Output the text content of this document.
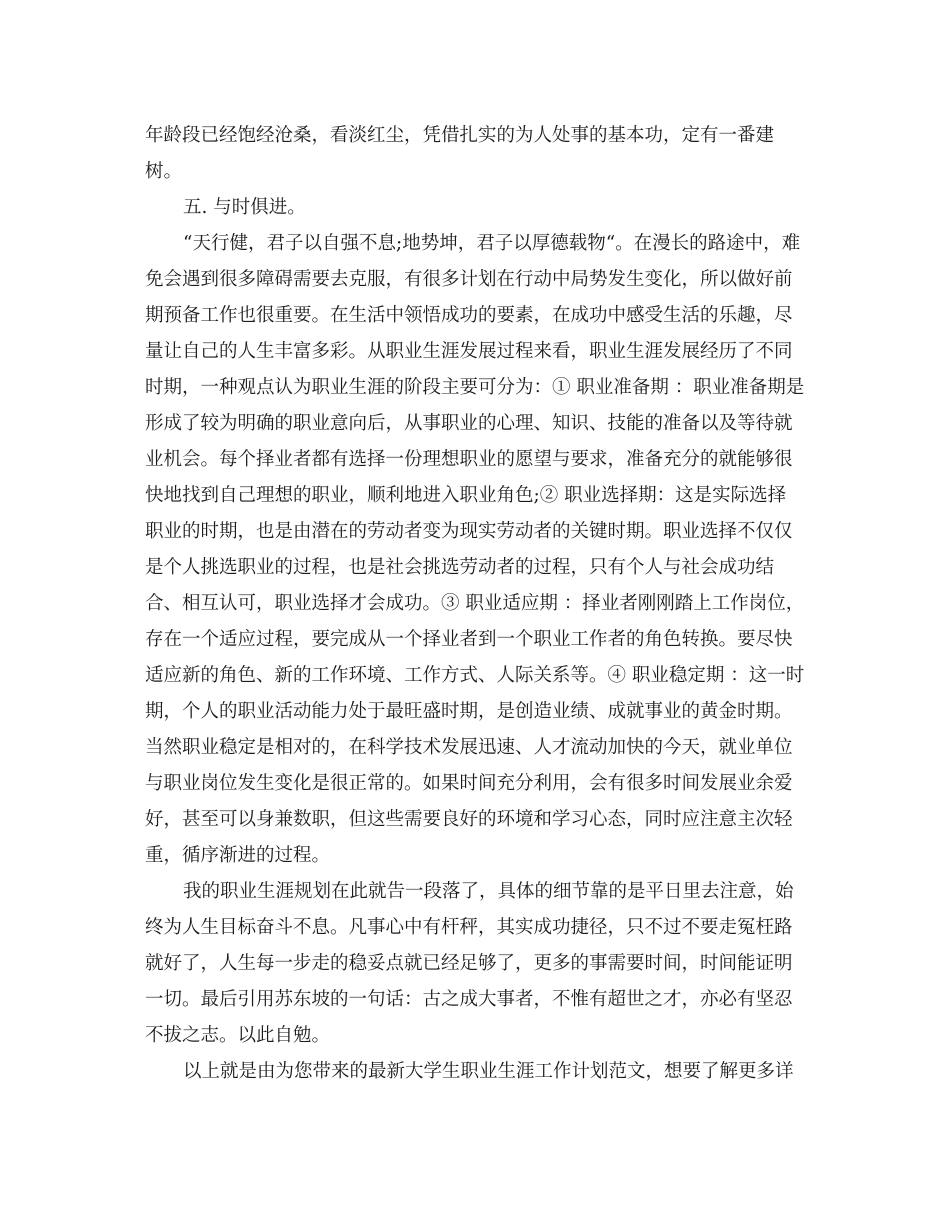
年龄段已经饱经沧桑，看淡红尘，凭借扎实的为人处事的基本功，定有一番建
树。
五. 与时俱进。
“天行健，君子以自强不息;地势坤，君子以厚德载物“。在漫长的路途中，难
免会遇到很多障碍需要去克服，有很多计划在行动中局势发生变化，所以做好前
期预备工作也很重要。在生活中领悟成功的要素，在成功中感受生活的乐趣，尽
量让自己的人生丰富多彩。从职业生涯发展过程来看，职业生涯发展经历了不同
时期，一种观点认为职业生涯的阶段主要可分为：① 职业准备期 ：职业准备期是
形成了较为明确的职业意向后，从事职业的心理、知识、技能的准备以及等待就
业机会。每个择业者都有选择一份理想职业的愿望与要求，准备充分的就能够很
快地找到自己理想的职业，顺利地进入职业角色;② 职业选择期：这是实际选择
职业的时期，也是由潜在的劳动者变为现实劳动者的关键时期。职业选择不仅仅
是个人挑选职业的过程，也是社会挑选劳动者的过程，只有个人与社会成功结
合、相互认可，职业选择才会成功。③ 职业适应期 ：择业者刚刚踏上工作岗位，
存在一个适应过程，要完成从一个择业者到一个职业工作者的角色转换。要尽快
适应新的角色、新的工作环境、工作方式、人际关系等。④ 职业稳定期 ：这一时
期，个人的职业活动能力处于最旺盛时期，是创造业绩、成就事业的黄金时期。
当然职业稳定是相对的，在科学技术发展迅速、人才流动加快的今天，就业单位
与职业岗位发生变化是很正常的。如果时间充分利用，会有很多时间发展业余爱
好，甚至可以身兼数职，但这些需要良好的环境和学习心态，同时应注意主次轻
重，循序渐进的过程。
我的职业生涯规划在此就告一段落了，具体的细节靠的是平日里去注意，始
终为人生目标奋斗不息。凡事心中有杆秤，其实成功捷径，只不过不要走冤枉路
就好了，人生每一步走的稳妥点就已经足够了，更多的事需要时间，时间能证明
一切。最后引用苏东坡的一句话：古之成大事者，不惟有超世之才，亦必有坚忍
不拔之志。以此自勉。
以上就是由为您带来的最新大学生职业生涯工作计划范文，想要了解更多详
